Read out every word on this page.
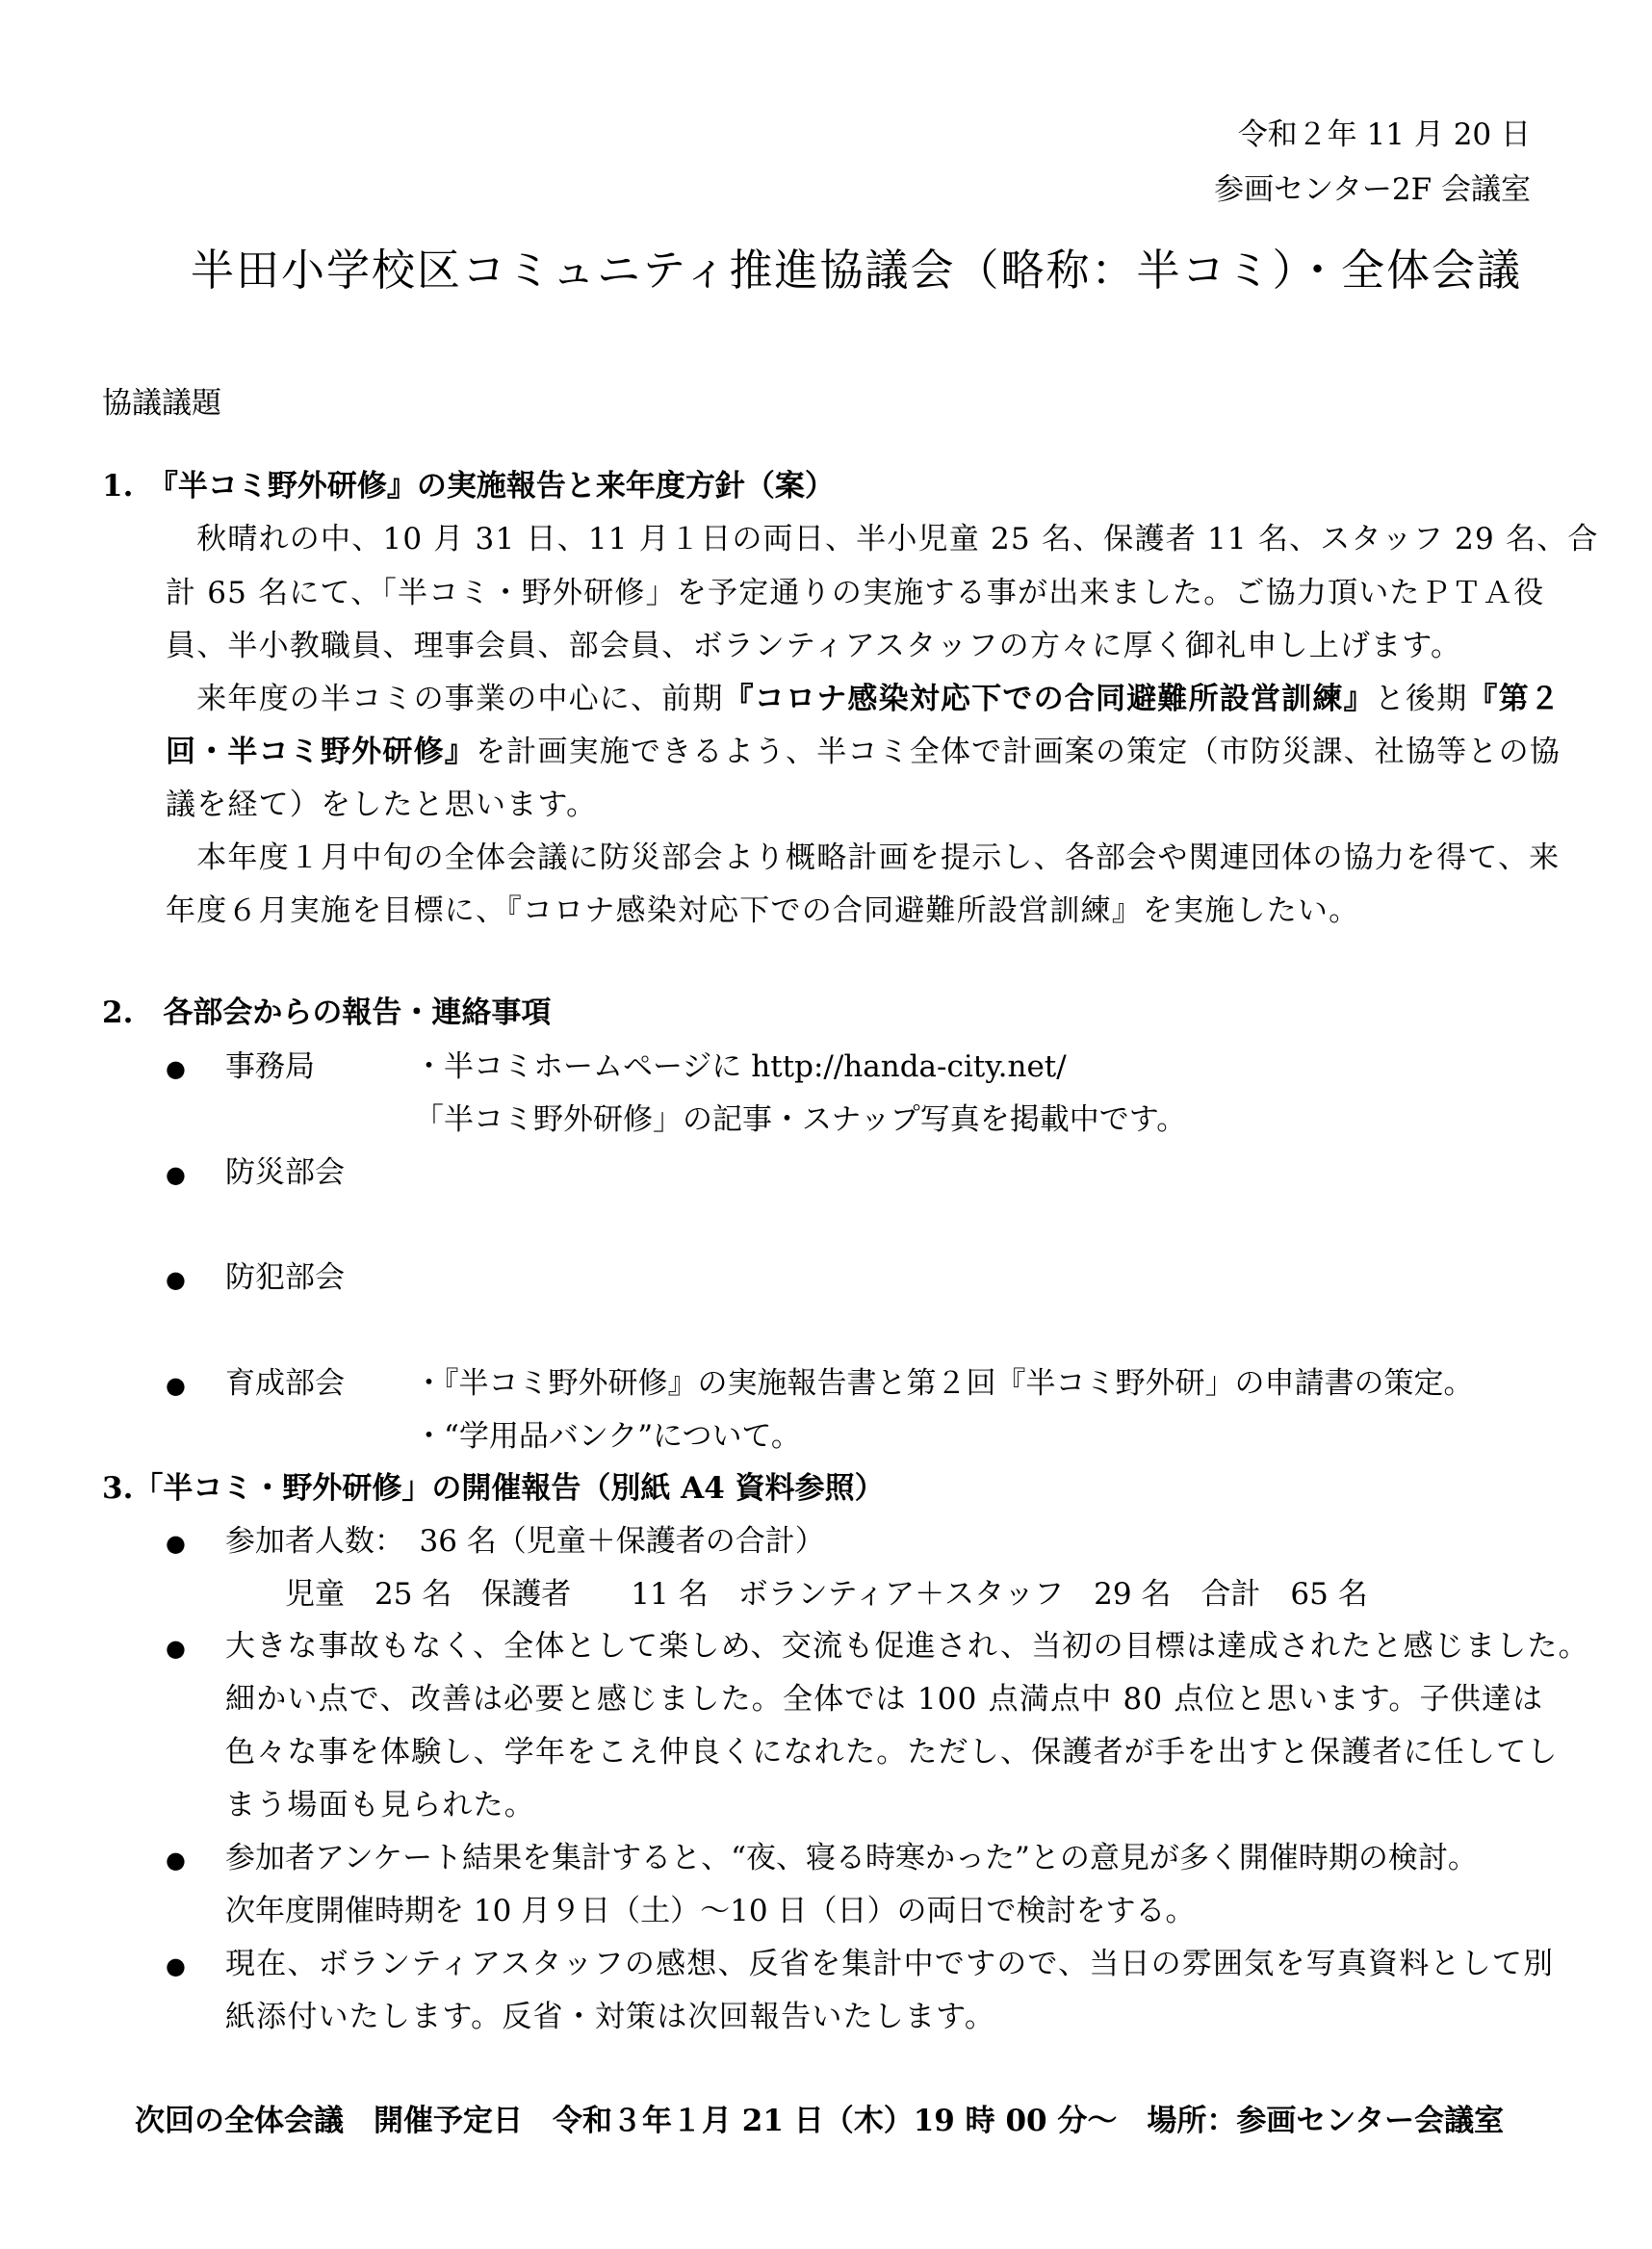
令和２年 11 月 20 日
参画センター2F 会議室
半田小学校区コミュニティ推進協議会（略称：半コミ）・全体会議
協議議題
1.　『半コミ野外研修』の実施報告と来年度方針（案）
　秋晴れの中、10 月 31 日、11 月１日の両日、半小児童 25 名、保護者 11 名、スタッフ 29 名、合
計 65 名にて、「半コミ・野外研修」を予定通りの実施する事が出来ました。ご協力頂いたＰＴＡ役
員、半小教職員、理事会員、部会員、ボランティアスタッフの方々に厚く御礼申し上げます。
　来年度の半コミの事業の中心に、前期『コロナ感染対応下での合同避難所設営訓練』と後期『第２
回・半コミ野外研修』を計画実施できるよう、半コミ全体で計画案の策定（市防災課、社協等との協
議を経て）をしたと思います。
　本年度１月中旬の全体会議に防災部会より概略計画を提示し、各部会や関連団体の協力を得て、来
年度６月実施を目標に、『コロナ感染対応下での合同避難所設営訓練』を実施したい。
2.　各部会からの報告・連絡事項
● 事務局	・半コミホームページに http://handa-city.net/
「半コミ野外研修」の記事・スナップ写真を掲載中です。
● 防災部会
● 防犯部会
● 育成部会 ・『半コミ野外研修』の実施報告書と第２回『半コミ野外研」の申請書の策定。
・“学用品バンク”について。
3.「半コミ・野外研修」の開催報告（別紙 A4 資料参照）
● 参加者人数：　36 名（児童＋保護者の合計）
　　児童　25 名　保護者　　11 名　ボランティア＋スタッフ　29 名　合計　65 名
● 大きな事故もなく、全体として楽しめ、交流も促進され、当初の目標は達成されたと感じました。
細かい点で、改善は必要と感じました。全体では 100 点満点中 80 点位と思います。子供達は
色々な事を体験し、学年をこえ仲良くになれた。ただし、保護者が手を出すと保護者に任してし
まう場面も見られた。
● 参加者アンケート結果を集計すると、“夜、寝る時寒かった”との意見が多く開催時期の検討。
次年度開催時期を 10 月９日（土）～10 日（日）の両日で検討をする。
● 現在、ボランティアスタッフの感想、反省を集計中ですので、当日の雰囲気を写真資料として別
紙添付いたします。反省・対策は次回報告いたします。
次回の全体会議　開催予定日　令和３年１月 21 日（木）19 時 00 分～　場所：参画センター会議室
